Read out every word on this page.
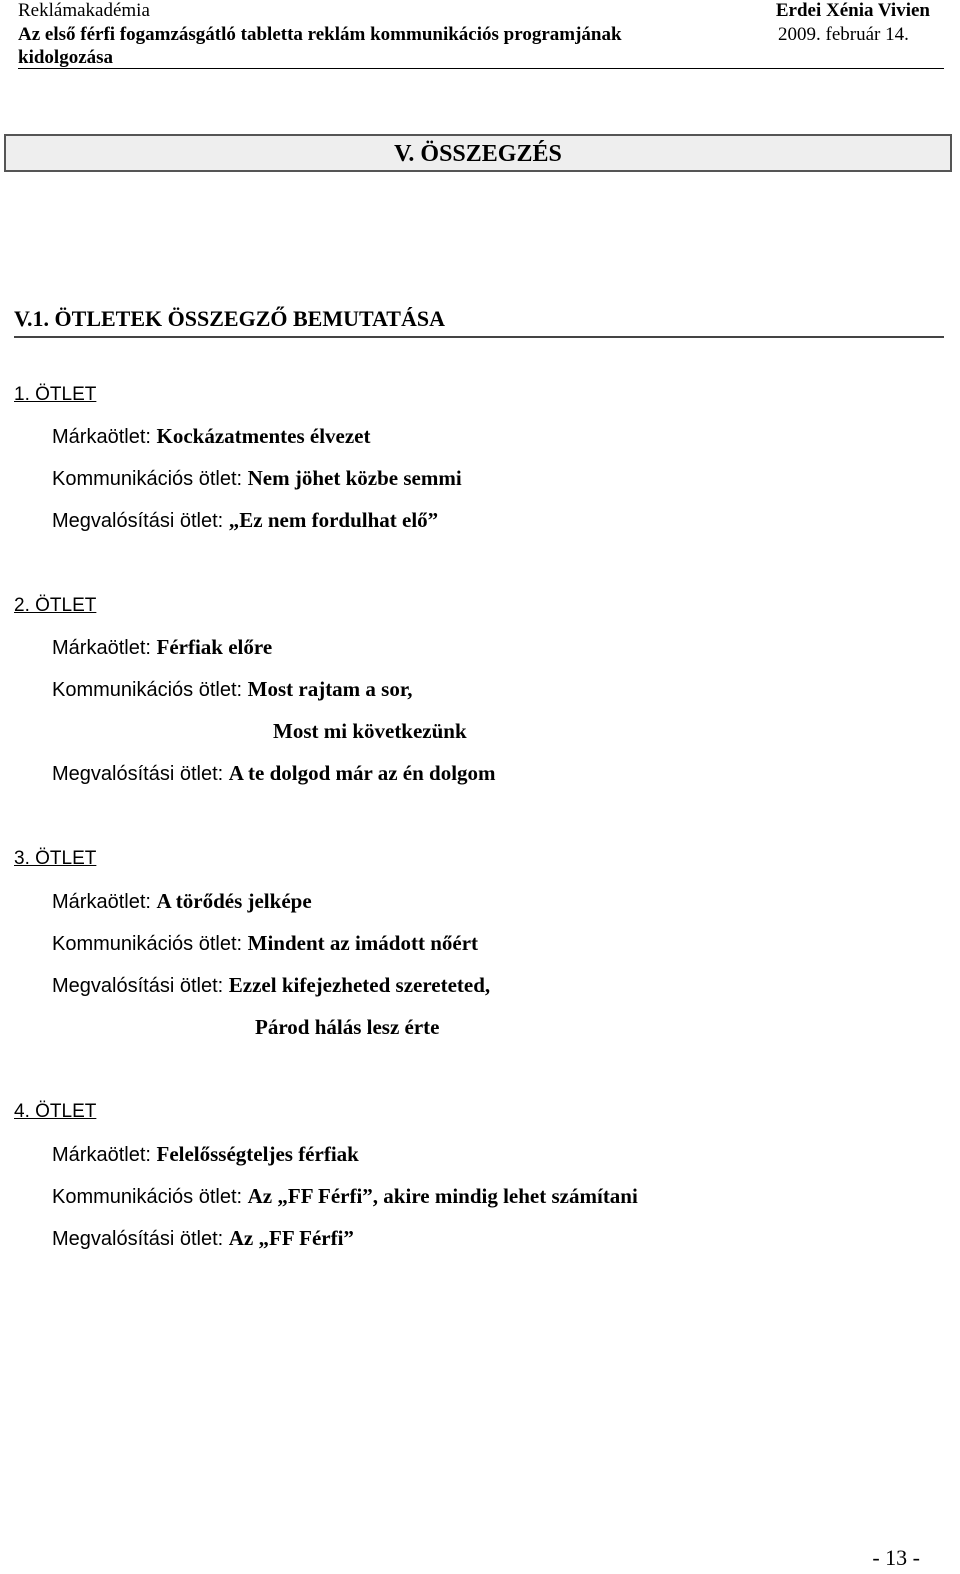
Reklámakadémia	Erdei Xénia Vivien
Az első férfi fogamzásgátló tabletta reklám kommunikációs programjának	2009. február 14.
kidolgozása
V. ÖSSZEGZÉS
V.1. ÖTLETEK ÖSSZEGZŐ BEMUTATÁSA
1. ÖTLET
Márkaötlet: Kockázatmentes élvezet
Kommunikációs ötlet: Nem jöhet közbe semmi
Megvalósítási ötlet: „Ez nem fordulhat elő”
2. ÖTLET
Márkaötlet: Férfiak előre
Kommunikációs ötlet: Most rajtam a sor,
Most mi következünk
Megvalósítási ötlet: A te dolgod már az én dolgom
3. ÖTLET
Márkaötlet: A törődés jelképe
Kommunikációs ötlet: Mindent az imádott nőért
Megvalósítási ötlet: Ezzel kifejezheted szereteted,
Párod hálás lesz érte
4. ÖTLET
Márkaötlet: Felelősségteljes férfiak
Kommunikációs ötlet: Az „FF Férfi”, akire mindig lehet számítani
Megvalósítási ötlet: Az „FF Férfi”
- 13 -
